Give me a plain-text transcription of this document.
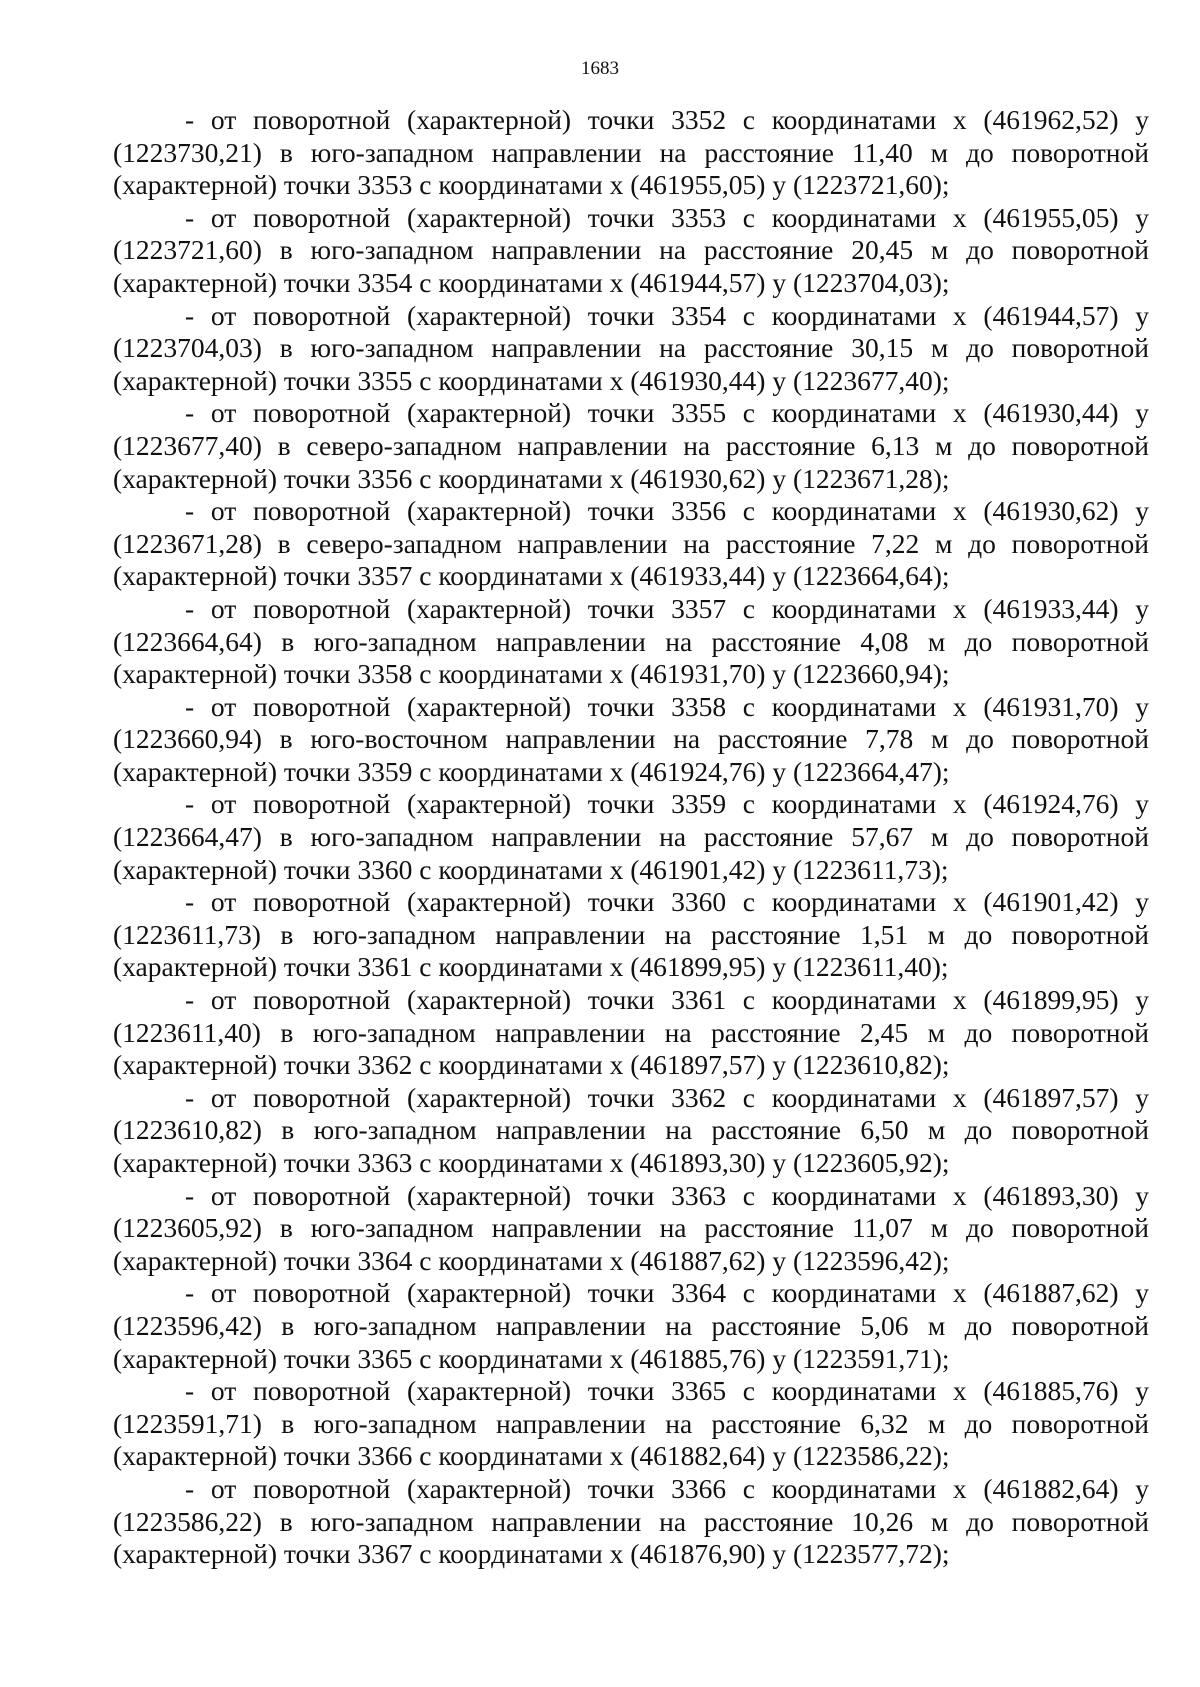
1683

- от поворотной (характерной) точки 3352 с координатами х (461962,52) у (1223730,21) в юго-западном направлении на расстояние 11,40 м до поворотной (характерной) точки 3353 с координатами х (461955,05) у (1223721,60);

- от поворотной (характерной) точки 3353 с координатами х (461955,05) у (1223721,60) в юго-западном направлении на расстояние 20,45 м до поворотной (характерной) точки 3354 с координатами х (461944,57) у (1223704,03);

- от поворотной (характерной) точки 3354 с координатами х (461944,57) у (1223704,03) в юго-западном направлении на расстояние 30,15 м до поворотной (характерной) точки 3355 с координатами х (461930,44) у (1223677,40);

- от поворотной (характерной) точки 3355 с координатами х (461930,44) у (1223677,40) в северо-западном направлении на расстояние 6,13 м до поворотной (характерной) точки 3356 с координатами х (461930,62) у (1223671,28);

- от поворотной (характерной) точки 3356 с координатами х (461930,62) у (1223671,28) в северо-западном направлении на расстояние 7,22 м до поворотной (характерной) точки 3357 с координатами х (461933,44) у (1223664,64);

- от поворотной (характерной) точки 3357 с координатами х (461933,44) у (1223664,64) в юго-западном направлении на расстояние 4,08 м до поворотной (характерной) точки 3358 с координатами х (461931,70) у (1223660,94);

- от поворотной (характерной) точки 3358 с координатами х (461931,70) у (1223660,94) в юго-восточном направлении на расстояние 7,78 м до поворотной (характерной) точки 3359 с координатами х (461924,76) у (1223664,47);

- от поворотной (характерной) точки 3359 с координатами х (461924,76) у (1223664,47) в юго-западном направлении на расстояние 57,67 м до поворотной (характерной) точки 3360 с координатами х (461901,42) у (1223611,73);

- от поворотной (характерной) точки 3360 с координатами х (461901,42) у (1223611,73) в юго-западном направлении на расстояние 1,51 м до поворотной (характерной) точки 3361 с координатами х (461899,95) у (1223611,40);

- от поворотной (характерной) точки 3361 с координатами х (461899,95) у (1223611,40) в юго-западном направлении на расстояние 2,45 м до поворотной (характерной) точки 3362 с координатами х (461897,57) у (1223610,82);

- от поворотной (характерной) точки 3362 с координатами х (461897,57) у (1223610,82) в юго-западном направлении на расстояние 6,50 м до поворотной (характерной) точки 3363 с координатами х (461893,30) у (1223605,92);

- от поворотной (характерной) точки 3363 с координатами х (461893,30) у (1223605,92) в юго-западном направлении на расстояние 11,07 м до поворотной (характерной) точки 3364 с координатами х (461887,62) у (1223596,42);

- от поворотной (характерной) точки 3364 с координатами х (461887,62) у (1223596,42) в юго-западном направлении на расстояние 5,06 м до поворотной (характерной) точки 3365 с координатами х (461885,76) у (1223591,71);

- от поворотной (характерной) точки 3365 с координатами х (461885,76) у (1223591,71) в юго-западном направлении на расстояние 6,32 м до поворотной (характерной) точки 3366 с координатами х (461882,64) у (1223586,22);

- от поворотной (характерной) точки 3366 с координатами х (461882,64) у (1223586,22) в юго-западном направлении на расстояние 10,26 м до поворотной (характерной) точки 3367 с координатами х (461876,90) у (1223577,72);
